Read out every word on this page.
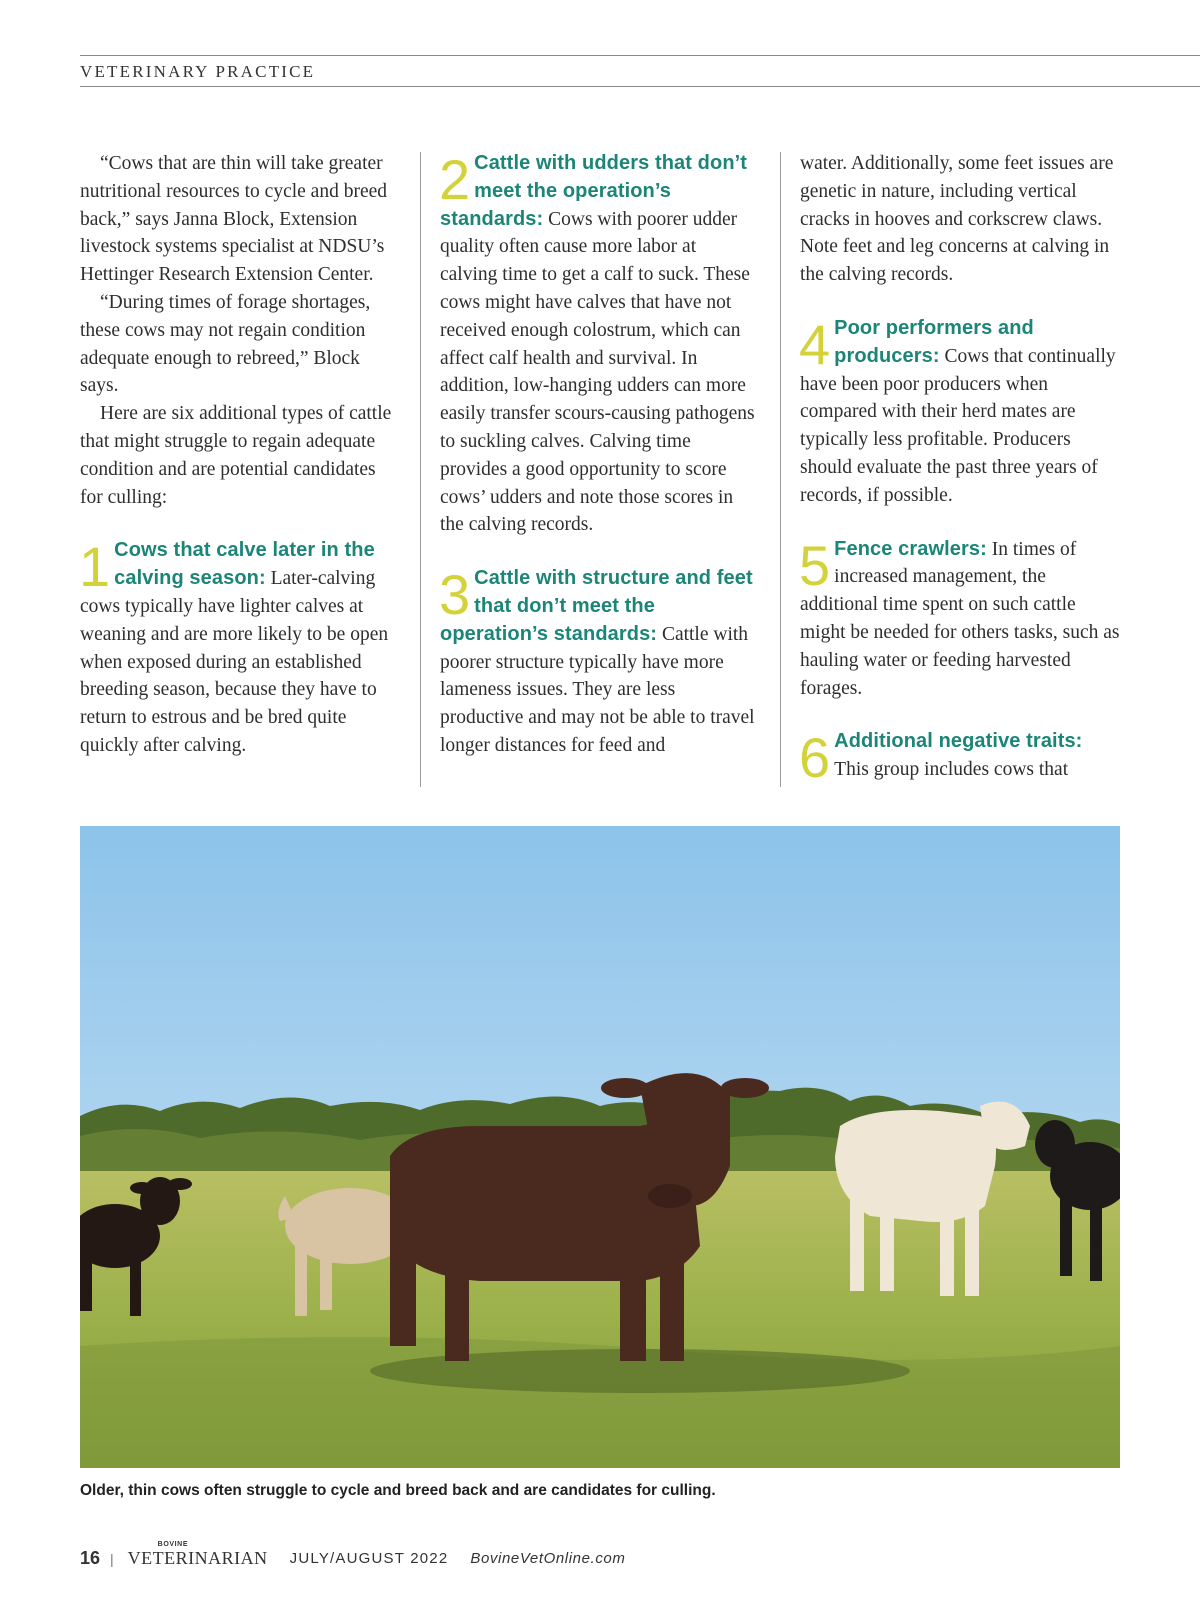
VETERINARY PRACTICE

“Cows that are thin will take greater nutritional resources to cycle and breed back,” says Janna Block, Extension livestock systems specialist at NDSU’s Hettinger Research Extension Center.

“During times of forage shortages, these cows may not regain condition adequate enough to rebreed,” Block says.

Here are six additional types of cattle that might struggle to regain adequate condition and are potential candidates for culling:

1 Cows that calve later in the calving season: Later-calving cows typically have lighter calves at weaning and are more likely to be open when exposed during an established breeding season, because they have to return to estrous and be bred quite quickly after calving.

2 Cattle with udders that don’t meet the operation’s standards: Cows with poorer udder quality often cause more labor at calving time to get a calf to suck. These cows might have calves that have not received enough colostrum, which can affect calf health and survival. In addition, low-hanging udders can more easily transfer scours-causing pathogens to suckling calves. Calving time provides a good opportunity to score cows’ udders and note those scores in the calving records.

3 Cattle with structure and feet that don’t meet the operation’s standards: Cattle with poorer structure typically have more lameness issues. They are less productive and may not be able to travel longer distances for feed and

water. Additionally, some feet issues are genetic in nature, including vertical cracks in hooves and corkscrew claws. Note feet and leg concerns at calving in the calving records.

4 Poor performers and producers: Cows that continually have been poor producers when compared with their herd mates are typically less profitable. Producers should evaluate the past three years of records, if possible.

5 Fence crawlers: In times of increased management, the additional time spent on such cattle might be needed for others tasks, such as hauling water or feeding harvested forages.

6 Additional negative traits: This group includes cows that

Older, thin cows often struggle to cycle and breed back and are candidates for culling.
16 |
BOVINE
VETERINARIAN JULY/AUGUST 2022 BovineVetOnline.com
